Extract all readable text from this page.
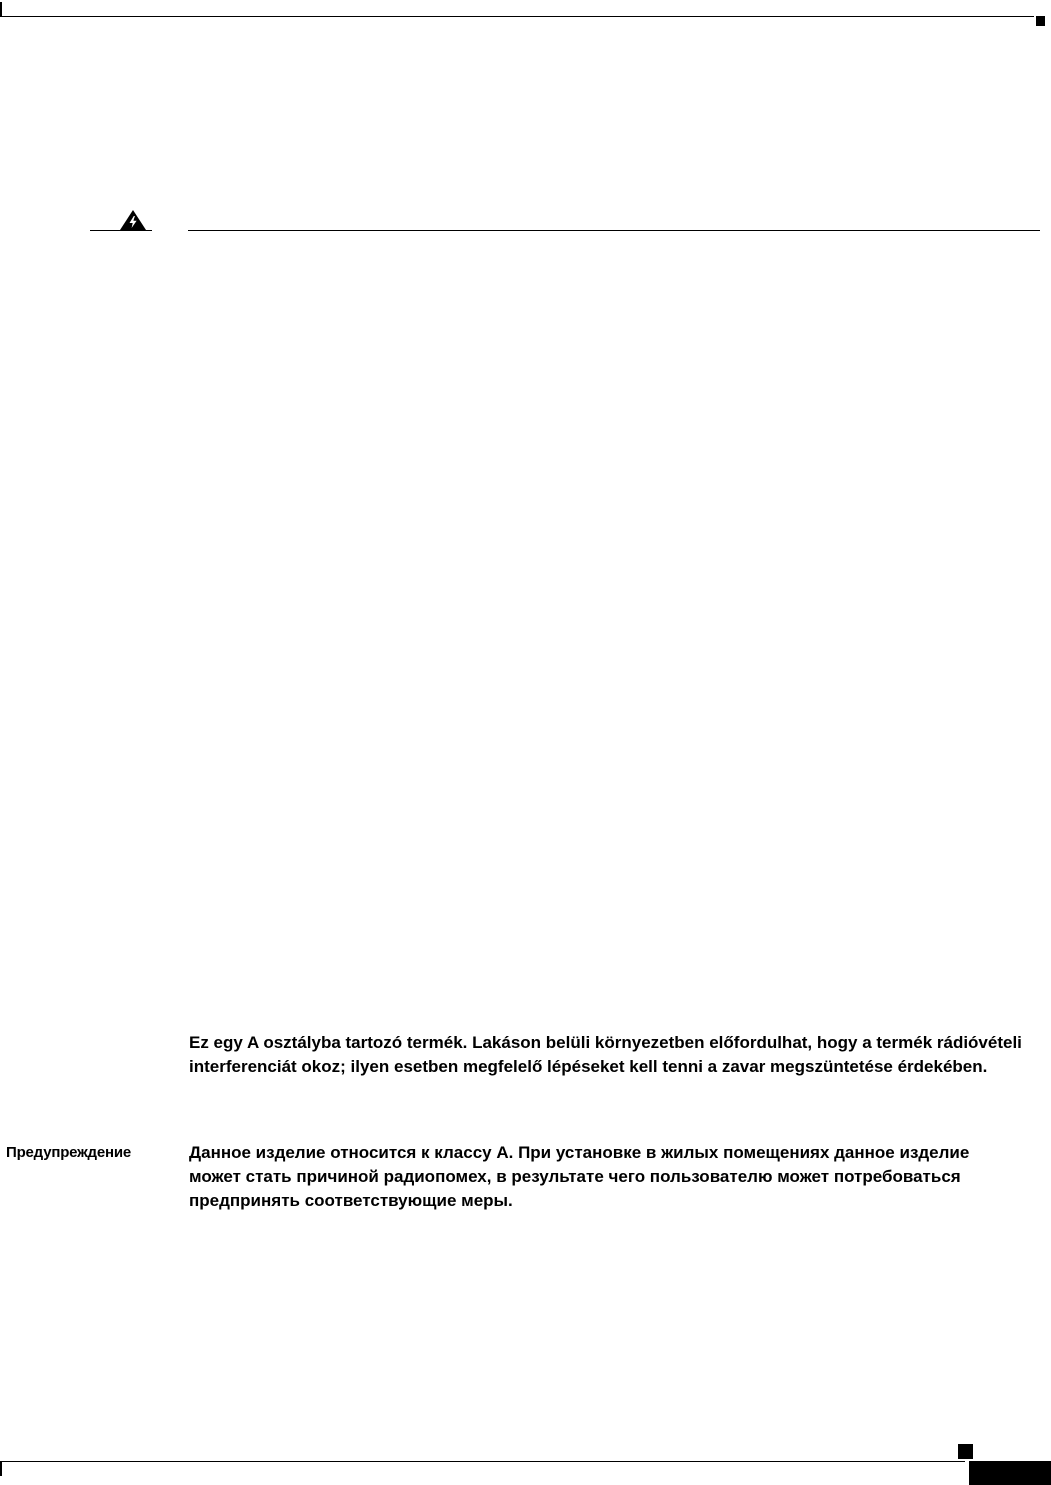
Ez egy A osztályba tartozó termék. Lakáson belüli környezetben előfordulhat, hogy a termék rádióvételi interferenciát okoz; ilyen esetben megfelelő lépéseket kell tenni a zavar megszüntetése érdekében.

Предупреждение	Данное изделие относится к классу A. При установке в жилых помещениях данное изделие может стать причиной радиопомех, в результате чего пользователю может потребоваться предпринять соответствующие меры.
